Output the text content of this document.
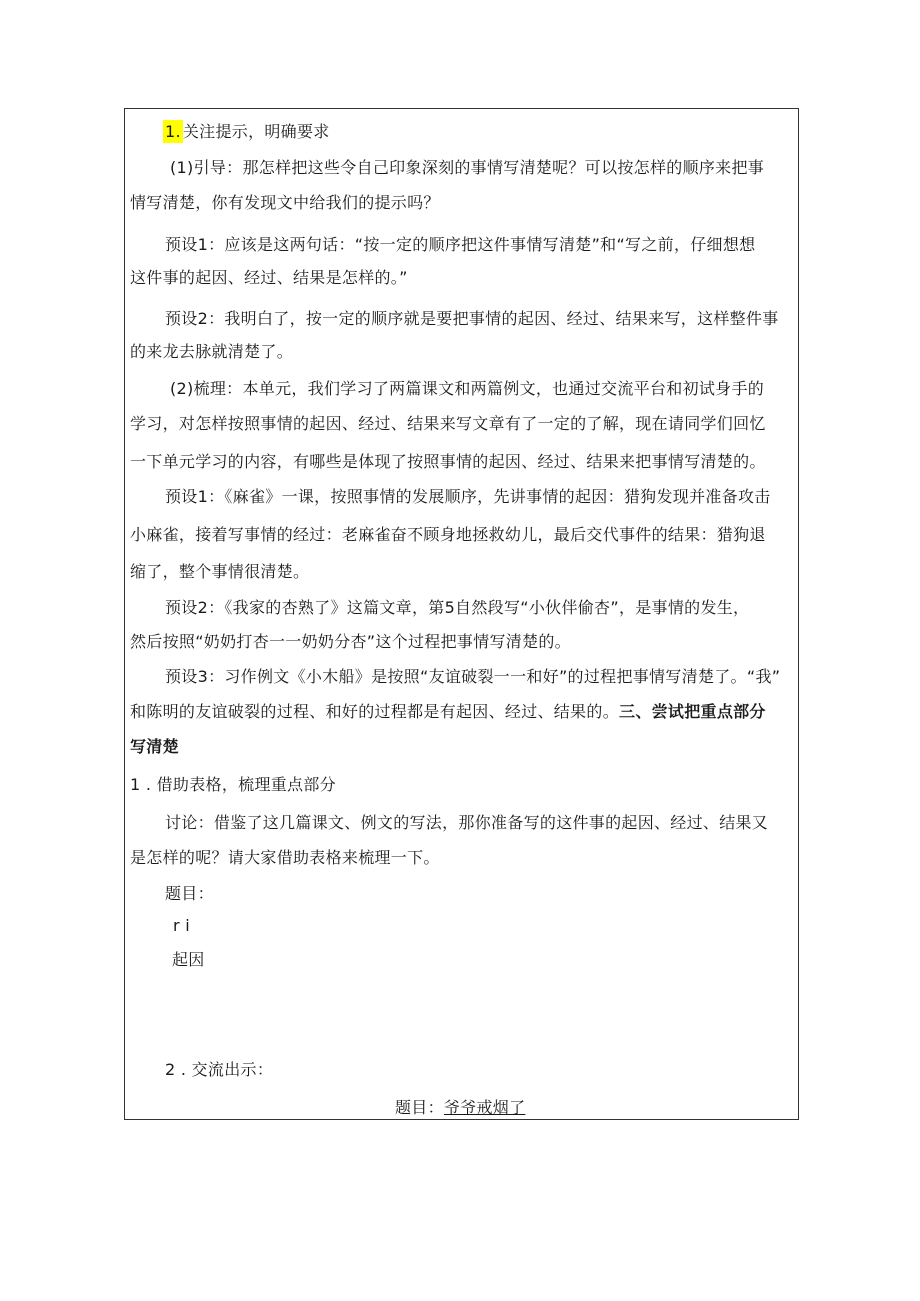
1. 关注提示，明确要求
(1)引导：那怎样把这些令自己印象深刻的事情写清楚呢？可以按怎样的顺序来把事
情写清楚，你有发现文中给我们的提示吗？
预设1：应该是这两句话：“按一定的顺序把这件事情写清楚”和“写之前，仔细想想
这件事的起因、经过、结果是怎样的。”
预设2：我明白了，按一定的顺序就是要把事情的起因、经过、结果来写，这样整件事
的来龙去脉就清楚了。
(2)梳理：本单元，我们学习了两篇课文和两篇例文，也通过交流平台和初试身手的
学习，对怎样按照事情的起因、经过、结果来写文章有了一定的了解，现在请同学们回忆
一下单元学习的内容，有哪些是体现了按照事情的起因、经过、结果来把事情写清楚的。
预设1：《麻雀》一课，按照事情的发展顺序，先讲事情的起因：猎狗发现并准备攻击
小麻雀，接着写事情的经过：老麻雀奋不顾身地拯救幼儿，最后交代事件的结果：猎狗退
缩了，整个事情很清楚。
预设2：《我家的杏熟了》这篇文章，第5自然段写“小伙伴偷杏”，是事情的发生，
然后按照“奶奶打杏一一奶奶分杏”这个过程把事情写清楚的。
预设3：习作例文《小木船》是按照“友谊破裂一一和好”的过程把事情写清楚了。“我”
和陈明的友谊破裂的过程、和好的过程都是有起因、经过、结果的。三、尝试把重点部分
写清楚
1 . 借助表格，梳理重点部分
讨论：借鉴了这几篇课文、例文的写法，那你准备写的这件事的起因、经过、结果又
是怎样的呢？请大家借助表格来梳理一下。
题目：
r i
起因
2 . 交流出示：
题目：爷爷戒烟了
